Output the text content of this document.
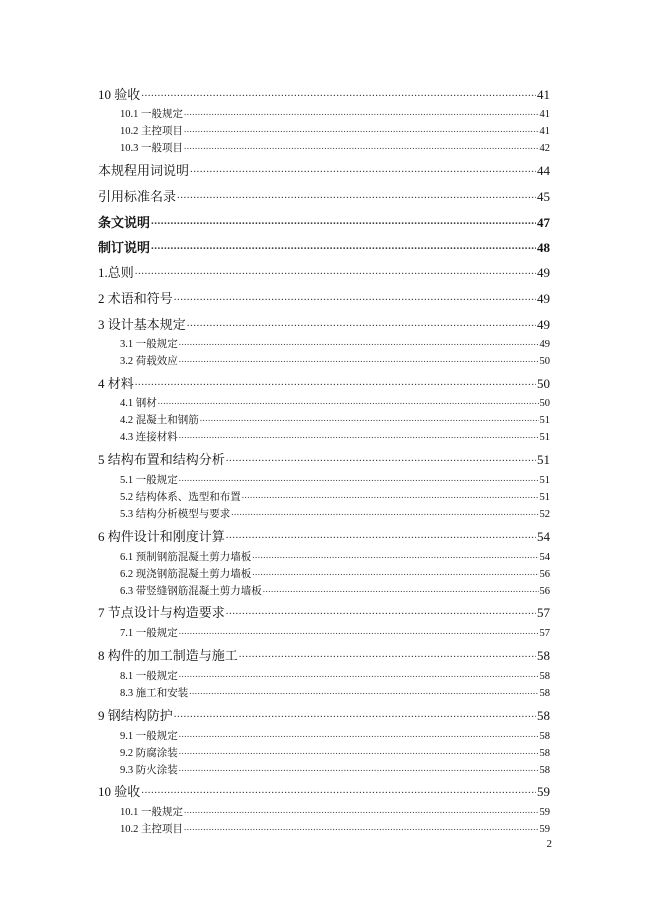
10 验收 .....	41
10.1 一般规定 .....	41
10.2 主控项目 .....	41
10.3 一般项目 .....	42
本规程用词说明 .....	44
引用标准名录 .....	45
条文说明 .....	47
制订说明 .....	48
1.总则 .....	49
2 术语和符号 .....	49
3 设计基本规定 .....	49
3.1 一般规定 .....	49
3.2 荷载效应 .....	50
4 材料 .....	50
4.1 钢材 .....	50
4.2 混凝土和钢筋 .....	51
4.3 连接材料 .....	51
5 结构布置和结构分析 .....	51
5.1 一般规定 .....	51
5.2 结构体系、选型和布置 .....	51
5.3 结构分析模型与要求 .....	52
6 构件设计和刚度计算 .....	54
6.1 预制钢筋混凝土剪力墙板 .....	54
6.2 现浇钢筋混凝土剪力墙板 .....	56
6.3 带竖缝钢筋混凝土剪力墙板 .....	56
7 节点设计与构造要求 .....	57
7.1 一般规定 .....	57
8 构件的加工制造与施工 .....	58
8.1 一般规定 .....	58
8.3 施工和安装 .....	58
9 钢结构防护 .....	58
9.1 一般规定 .....	58
9.2 防腐涂装 .....	58
9.3 防火涂装 .....	58
10 验收 .....	59
10.1 一般规定 .....	59
10.2 主控项目 .....	59
2
